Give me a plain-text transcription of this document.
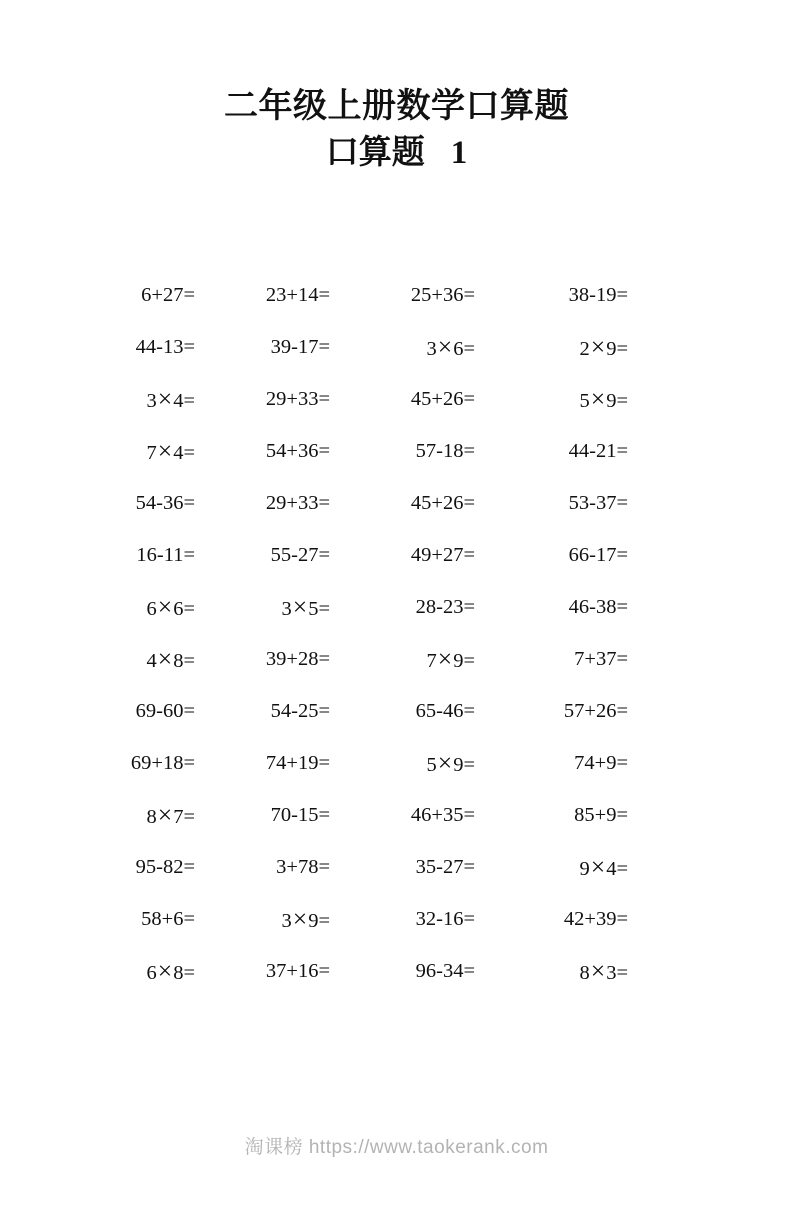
二年级上册数学口算题
口算题 1
6+27=	23+14=	25+36=	38-19=
44-13=	39-17=	3×6=	2×9=
3×4=	29+33=	45+26=	5×9=
7×4=	54+36=	57-18=	44-21=
54-36=	29+33=	45+26=	53-37=
16-11=	55-27=	49+27=	66-17=
6×6=	3×5=	28-23=	46-38=
4×8=	39+28=	7×9=	7+37=
69-60=	54-25=	65-46=	57+26=
69+18=	74+19=	5×9=	74+9=
8×7=	70-15=	46+35=	85+9=
95-82=	3+78=	35-27=	9×4=
58+6=	3×9=	32-16=	42+39=
6×8=	37+16=	96-34=	8×3=
淘课榜 https://www.taokerank.com
